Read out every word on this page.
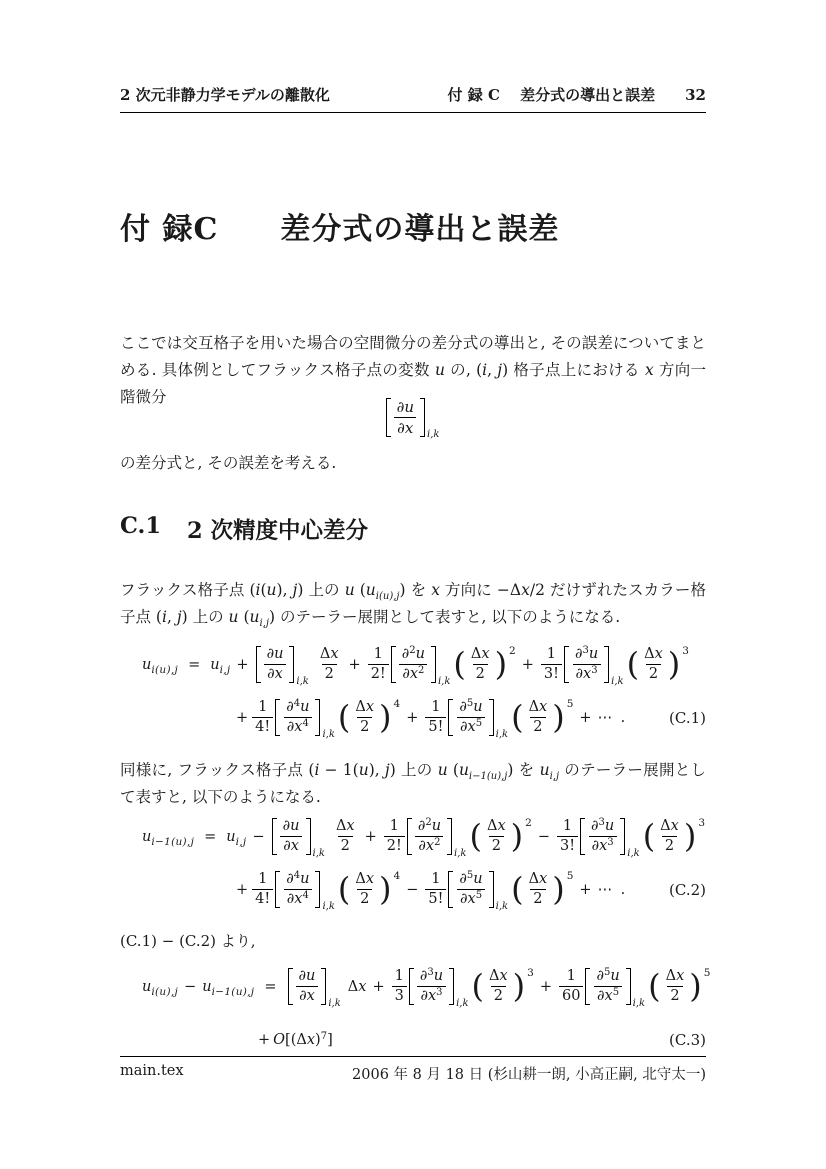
2 次元非静力学モデルの離散化	付 録 C　 差分式の導出と誤差 32
付 録C　　差分式の導出と誤差

ここでは交互格子を用いた場合の空間微分の差分式の導出と, その誤差についてまとめる. 具体例としてフラックス格子点の変数 u の, (i, j) 格子点上における x 方向一階微分

∂u
∂x	$_{i,k}$

の差分式と, その誤差を考える.

C.1 2 次精度中心差分

フラックス格子点 (i(u), j) 上の u $(u_{i(u),j})$ を x 方向に −Δx/2 だけずれたスカラー格子点 (i, j) 上の u $(u_{i,j})$ のテーラー展開として表すと, 以下のようになる.

$u_{i(u),j} = u_{i,j}$ +
∂u
∂x	$_{i,k} \frac{\Delta x}{2} + \frac{1}{2!} \partial^2u$
$\partial x^2$
$_{i,k}( \frac{\Delta x}{2}$ ) $^2+ \frac{1}{3!} \partial^3u$
$\partial x^3$
$_{i,k}( \frac{\Delta x}{2}$ ) $^3$
+ $\frac{1}{4!} \partial^4u$
$\partial x^4$
$_{i,k}( \frac{\Delta x}{2}$ ) $^4+ \frac{1}{5!} \partial^5u$
$\partial x^5$
$_{i,k}( \frac{\Delta x}{2}$ ) $^5$+ ⋯ .	(C.1)

同様に, フラックス格子点 (i − 1(u), j) 上の u $(u_{i-1(u),j})$ を $u_{i,j}$ のテーラー展開として表すと, 以下のようになる.

$u_{i-1(u),j} = u_{i,j}$ −
∂u
∂x	$_{i,k} \frac{\Delta x}{2} + \frac{1}{2!} \partial^2u$
$\partial x^2$
$_{i,k}( \frac{\Delta x}{2}$ ) $^2- \frac{1}{3!} \partial^3u$
$\partial x^3$
$_{i,k}( \frac{\Delta x}{2}$ ) $^3$
+ $\frac{1}{4!} \partial^4u$
$\partial x^4$
$_{i,k}( \frac{\Delta x}{2}$ ) $^4- \frac{1}{5!} \partial^5u$
$\partial x^5$
$_{i,k}( \frac{\Delta x}{2}$ ) $^5$+ ⋯ .	(C.2)

(C.1) − (C.2) より,

$u_{i(u),j} - u_{i-1(u),j}$ =
∂u
∂x	$_{i,k}\Delta x + \frac{1}{3} \partial^3u$
$\partial x^3$
$_{i,k}( \frac{\Delta x}{2}$ ) $^3+ \frac{1}{60} \partial^5u$
$\partial x^5$
$_{i,k}( \frac{\Delta x}{2}$ ) $^5$
+ $O[(\Delta x)^7]$	(C.3)
main.tex	2006 年 8 月 18 日 (杉山耕一朗, 小高正嗣, 北守太一)
